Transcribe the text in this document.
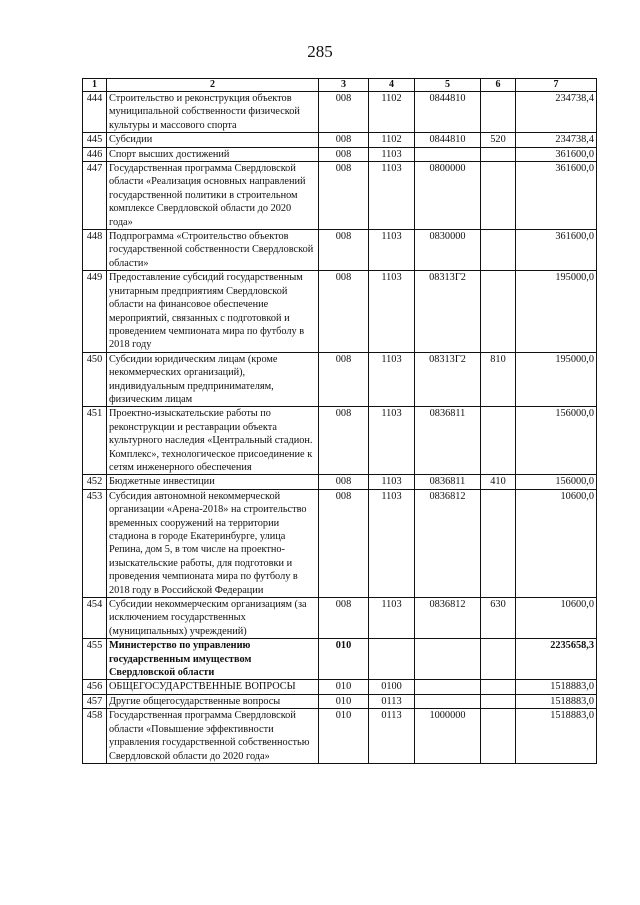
285
1	2	3	4	5	6	7
444	Строительство и реконструкция объектов муниципальной собственности физической культуры и массового спорта	008	1102	0844810		234738,4
445	Субсидии	008	1102	0844810	520	234738,4
446	Спорт высших достижений	008	1103			361600,0
447	Государственная программа Свердловской области «Реализация основных направлений государственной политики в строительном комплексе Свердловской области до 2020 года»	008	1103	0800000		361600,0
448	Подпрограмма «Строительство объектов государственной собственности Свердловской области»	008	1103	0830000		361600,0
449	Предоставление субсидий государственным унитарным предприятиям Свердловской области на финансовое обеспечение мероприятий, связанных с подготовкой и проведением чемпионата мира по футболу в 2018 году	008	1103	08313Г2		195000,0
450	Субсидии юридическим лицам (кроме некоммерческих организаций), индивидуальным предпринимателям, физическим лицам	008	1103	08313Г2	810	195000,0
451	Проектно-изыскательские работы по реконструкции и реставрации объекта культурного наследия «Центральный стадион. Комплекс», технологическое присоединение к сетям инженерного обеспечения	008	1103	0836811		156000,0
452	Бюджетные инвестиции	008	1103	0836811	410	156000,0
453	Субсидия автономной некоммерческой организации «Арена-2018» на строительство временных сооружений на территории стадиона в городе Екатеринбурге, улица Репина, дом 5, в том числе на проектно-изыскательские работы, для подготовки и проведения чемпионата мира по футболу в 2018 году в Российской Федерации	008	1103	0836812		10600,0
454	Субсидии некоммерческим организациям (за исключением государственных (муниципальных) учреждений)	008	1103	0836812	630	10600,0
455	Министерство по управлению государственным имуществом Свердловской области	010				2235658,3
456	ОБЩЕГОСУДАРСТВЕННЫЕ ВОПРОСЫ	010	0100			1518883,0
457	Другие общегосударственные вопросы	010	0113			1518883,0
458	Государственная программа Свердловской области «Повышение эффективности управления государственной собственностью Свердловской области до 2020 года»	010	0113	1000000		1518883,0
